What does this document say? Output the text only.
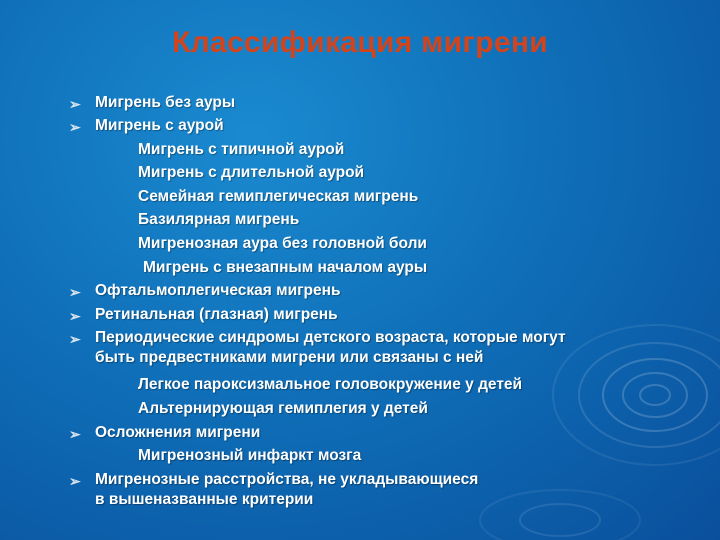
Классификация мигрени
➢ Мигрень без ауры
➢ Мигрень с аурой
Мигрень с типичной аурой
Мигрень с длительной аурой
Семейная гемиплегическая мигрень
Базилярная мигрень
Мигренозная аура без головной боли
Мигрень с внезапным началом ауры
➢ Офтальмоплегическая мигрень
➢ Ретинальная (глазная) мигрень
➢ Периодические синдромы детского возраста, которые могут
быть предвестниками мигрени или связаны с ней
Легкое пароксизмальное головокружение у детей
Альтернирующая гемиплегия у детей
➢ Осложнения мигрени
Мигренозный инфаркт мозга
➢ Мигренозные расстройства, не укладывающиеся
в вышеназванные критерии
